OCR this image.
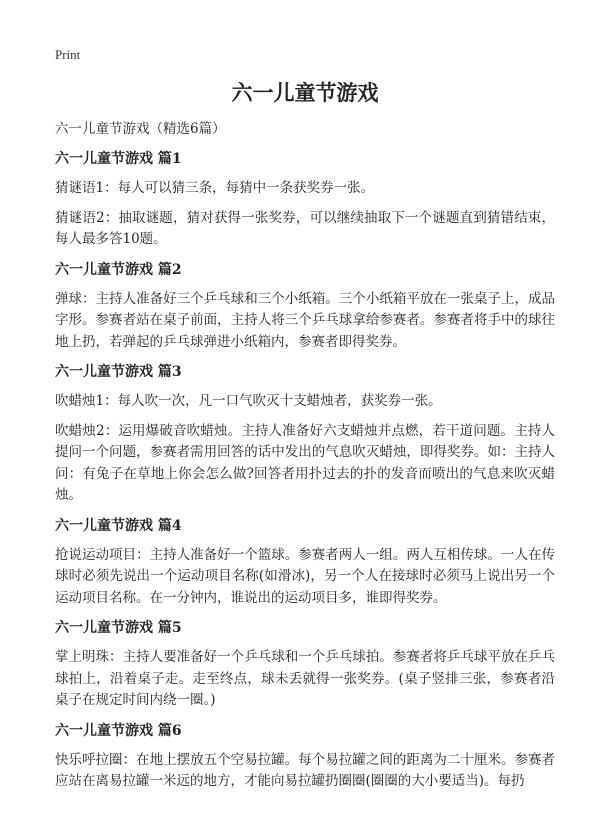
Print
六一儿童节游戏

六一儿童节游戏（精选6篇）

六一儿童节游戏 篇1

猜谜语1：每人可以猜三条，每猜中一条获奖券一张。

猜谜语2：抽取谜题，猜对获得一张奖券，可以继续抽取下一个谜题直到猜错结束，每人最多答10题。

六一儿童节游戏 篇2

弹球：主持人准备好三个乒乓球和三个小纸箱。三个小纸箱平放在一张桌子上，成品字形。参赛者站在桌子前面，主持人将三个乒乓球拿给参赛者。参赛者将手中的球往地上扔，若弹起的乒乓球弹进小纸箱内，参赛者即得奖券。

六一儿童节游戏 篇3

吹蜡烛1：每人吹一次，凡一口气吹灭十支蜡烛者，获奖券一张。

吹蜡烛2：运用爆破音吹蜡烛。主持人准备好六支蜡烛并点燃，若干道问题。主持人提问一个问题，参赛者需用回答的话中发出的气息吹灭蜡烛，即得奖券。如：主持人问：有兔子在草地上你会怎么做?回答者用扑过去的扑的发音而喷出的气息来吹灭蜡烛。

六一儿童节游戏 篇4

抢说运动项目：主持人准备好一个篮球。参赛者两人一组。两人互相传球。一人在传球时必须先说出一个运动项目名称(如滑冰)，另一个人在接球时必须马上说出另一个运动项目名称。在一分钟内，谁说出的运动项目多，谁即得奖券。

六一儿童节游戏 篇5

掌上明珠：主持人要准备好一个乒乓球和一个乒乓球拍。参赛者将乒乓球平放在乒乓球拍上，沿着桌子走。走至终点，球未丢就得一张奖券。(桌子竖排三张，参赛者沿桌子在规定时间内绕一圈。)

六一儿童节游戏 篇6

快乐呼拉圈：在地上摆放五个空易拉罐。每个易拉罐之间的距离为二十厘米。参赛者应站在离易拉罐一米远的地方，才能向易拉罐扔圈圈(圈圈的大小要适当)。每扔
